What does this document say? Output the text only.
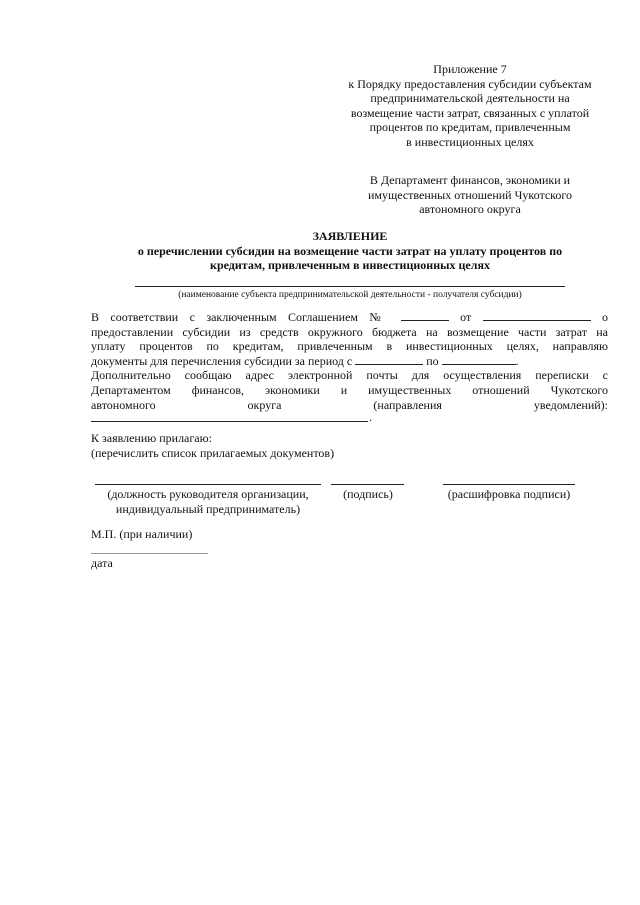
Приложение 7
к Порядку предоставления субсидии субъектам
предпринимательской деятельности на
возмещение части затрат, связанных с уплатой
процентов по кредитам, привлеченным
в инвестиционных целях
В Департамент финансов, экономики и
имущественных отношений Чукотского
автономного округа
ЗАЯВЛЕНИЕ
о перечислении субсидии на возмещение части затрат на уплату процентов по
кредитам, привлеченным в инвестиционных целях
(наименование субъекта предпринимательской деятельности - получателя субсидии)

В соответствии с заключенным Соглашением №	от	о

предоставлении субсидии из средств окружного бюджета на возмещение части затрат на

уплату процентов по кредитам, привлеченным в инвестиционных целях, направляю

документы для перечисления субсидии за период с	по	.

Дополнительно сообщаю адрес электронной почты для осуществления переписки с

Департаментом финансов, экономики и имущественных отношений Чукотского

автономного округа (направления уведомлений):

.

К заявлению прилагаю:

(перечислить список прилагаемых документов)

(должность руководителя организации,
индивидуальный предприниматель)
(подпись)	(расшифровка подписи)
М.П. (при наличии)
дата
